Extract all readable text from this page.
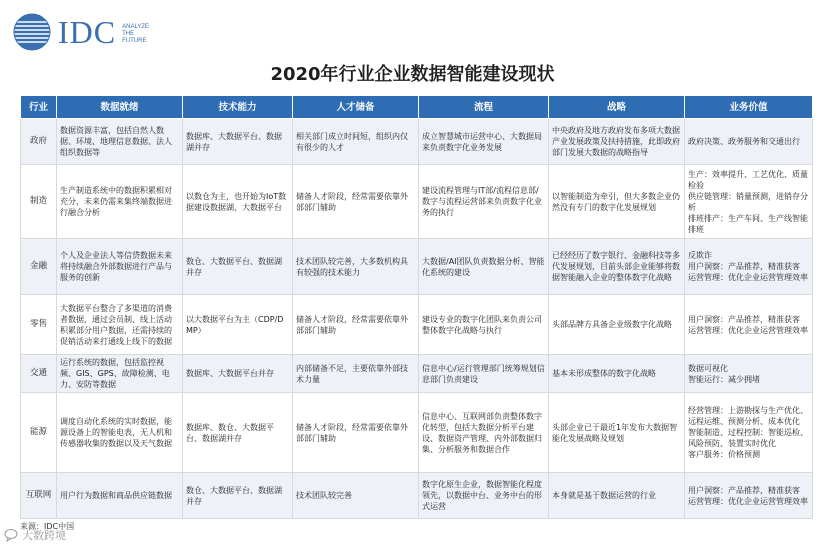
IDC ANALYZE
THE
FUTURE
2020年行业企业数据智能建设现状
行业	数据就绪	技术能力	人才储备	流程	战略	业务价值
政府	数据资源丰富，包括自然人数据、环境、地理信息数据、法人组织数据等	数据库、大数据平台、数据湖并存	相关部门成立时间短，组织内仅有很少的人才	成立智慧城市运营中心、大数据局来负责数字化业务发展	中央政府及地方政府发布多项大数据产业发展政策及扶持措施，此即政府部门发展大数据的战略指导	政府决策、政务服务和交通出行

制造	生产制造系统中的数据积累相对充分，未来仍需来集终端数据进行融合分析	以数仓为主，也开始为IoT数据建设数据湖、大数据平台	储备人才阶段，经常需要依靠外部部门辅助	建设流程管理与IT部/流程信息部/数字与流程运营部来负责数字化业务的执行	以智能制造为牵引，但大多数企业仍然没有专门的数字化发展规划	生产：效率提升、工艺优化、质量检验
供应链管理：销量预测，进销存分析
排班排产：生产车间、生产线智能排班

金融	个人及企业法人等信贷数据未来将持续融合外部数据进行产品与服务的创新	数仓、大数据平台、数据湖并存	技术团队较完善，大多数机构具有较强的技术能力	大数据/AI团队负责数据分析、智能化系统的建设	已经经历了数字银行、金融科技等多代发展规划，目前头部企业能够将数据智能融入企业的整体数字化战略	反欺诈
用户洞察：产品推荐，精准获客
运营管理：优化企业运营管理效率

零售	大数据平台整合了多渠道的消费者数据，通过会员制、线上活动积累部分用户数据，还需持续的促销活动来打通线上线下的数据	以大数据平台为主（CDP/DMP）	储备人才阶段，经常需要依靠外部部门辅助	建设专业的数字化团队来负责公司整体数字化战略与执行	头部品牌方具备企业级数字化战略	用户洞察：产品推荐，精准获客
运营管理：优化企业运营管理效率

交通	运行系统的数据，包括监控视频、GIS、GPS、故障检测、电力、安防等数据	数据库、大数据平台并存	内部储备不足，主要依靠外部技术力量	信息中心/运行管理部门统筹规划信息部门负责建设	基本未形成整体的数字化战略	数据可视化
智能运行：减少拥堵

能源	调度自动化系统的实时数据，能源设备上的智能电表，无人机和传感器收集的数据以及天气数据	数据库、数仓、大数据平台、数据湖并存	储备人才阶段，经常需要依靠外部部门辅助	信息中心、互联网部负责整体数字化转型，包括大数据分析平台建设、数据资产管理、内外部数据归集、分析服务和数据合作	头部企业已于最近1年发布大数据智能化发展战略及规划	经营管理：上游勘探与生产优化、远程运维、预测分析、成本优化
智能制造、过程控制：智能巡检、风险预防、装置实时优化
客户服务：价格预测

互联网	用户行为数据和商品供应链数据	数仓、大数据平台、数据湖并存	技术团队较完善	数字化原生企业，数据智能化程度领先，以数据中台、业务中台的形式运营	本身就是基于数据运营的行业	用户洞察：产品推荐，精准获客
运营管理：优化企业运营管理效率
来源：IDC中国
大数跨境
